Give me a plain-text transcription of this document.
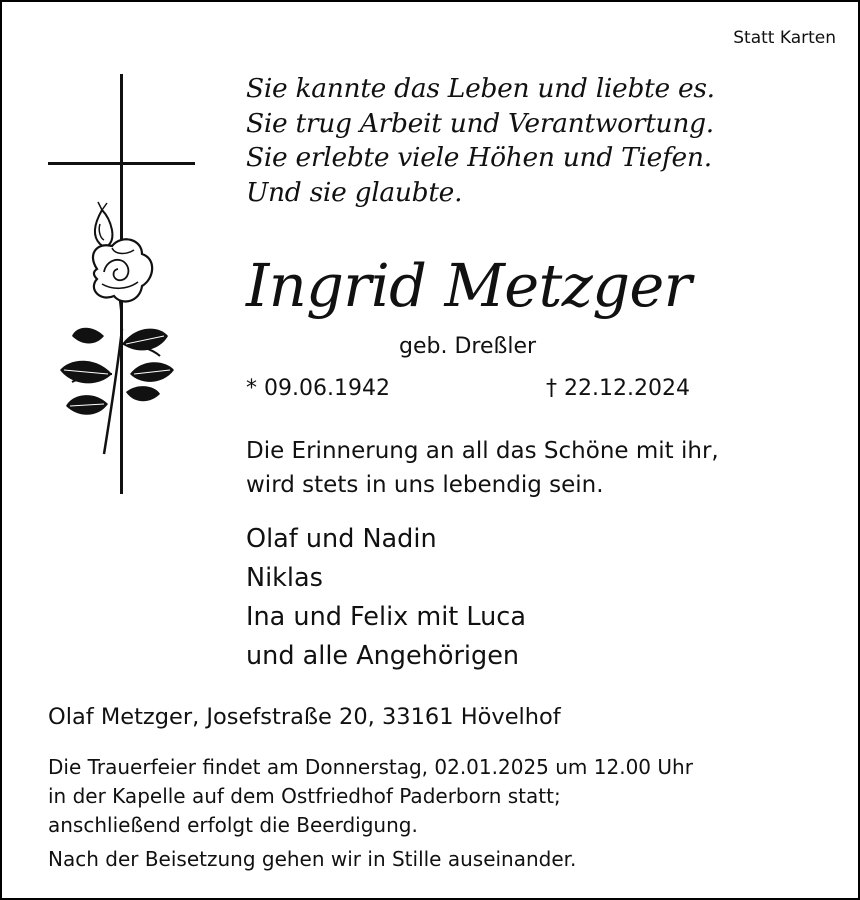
Statt Karten
Sie kannte das Leben und liebte es.
Sie trug Arbeit und Verantwortung.
Sie erlebte viele Höhen und Tiefen.
Und sie glaubte.
Ingrid Metzger
geb. Dreßler
* 09.06.1942	† 22.12.2024
Die Erinnerung an all das Schöne mit ihr,
wird stets in uns lebendig sein.
Olaf und Nadin
Niklas
Ina und Felix mit Luca
und alle Angehörigen
Olaf Metzger, Josefstraße 20, 33161 Hövelhof
Die Trauerfeier findet am Donnerstag, 02.01.2025 um 12.00 Uhr
in der Kapelle auf dem Ostfriedhof Paderborn statt;
anschließend erfolgt die Beerdigung.
Nach der Beisetzung gehen wir in Stille auseinander.
